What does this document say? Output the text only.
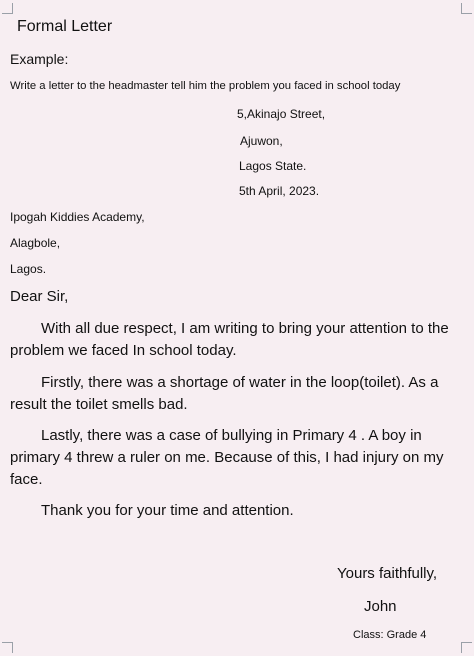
Formal Letter
Example:
Write a letter to the headmaster tell him the problem you faced in school today
5,Akinajo Street,
Ajuwon,
Lagos State.
5th April, 2023.
Ipogah Kiddies Academy,
Alagbole,
Lagos.
Dear Sir,

With all due respect, I am writing to bring your attention to the problem we faced In school today.

Firstly, there was a shortage of water in the loop(toilet). As a result the toilet smells bad.

Lastly, there was a case of bullying in Primary 4 . A boy in primary 4 threw a ruler on me. Because of this, I had injury on my face.

Thank you for your time and attention.

Yours faithfully,
John
Class: Grade 4
